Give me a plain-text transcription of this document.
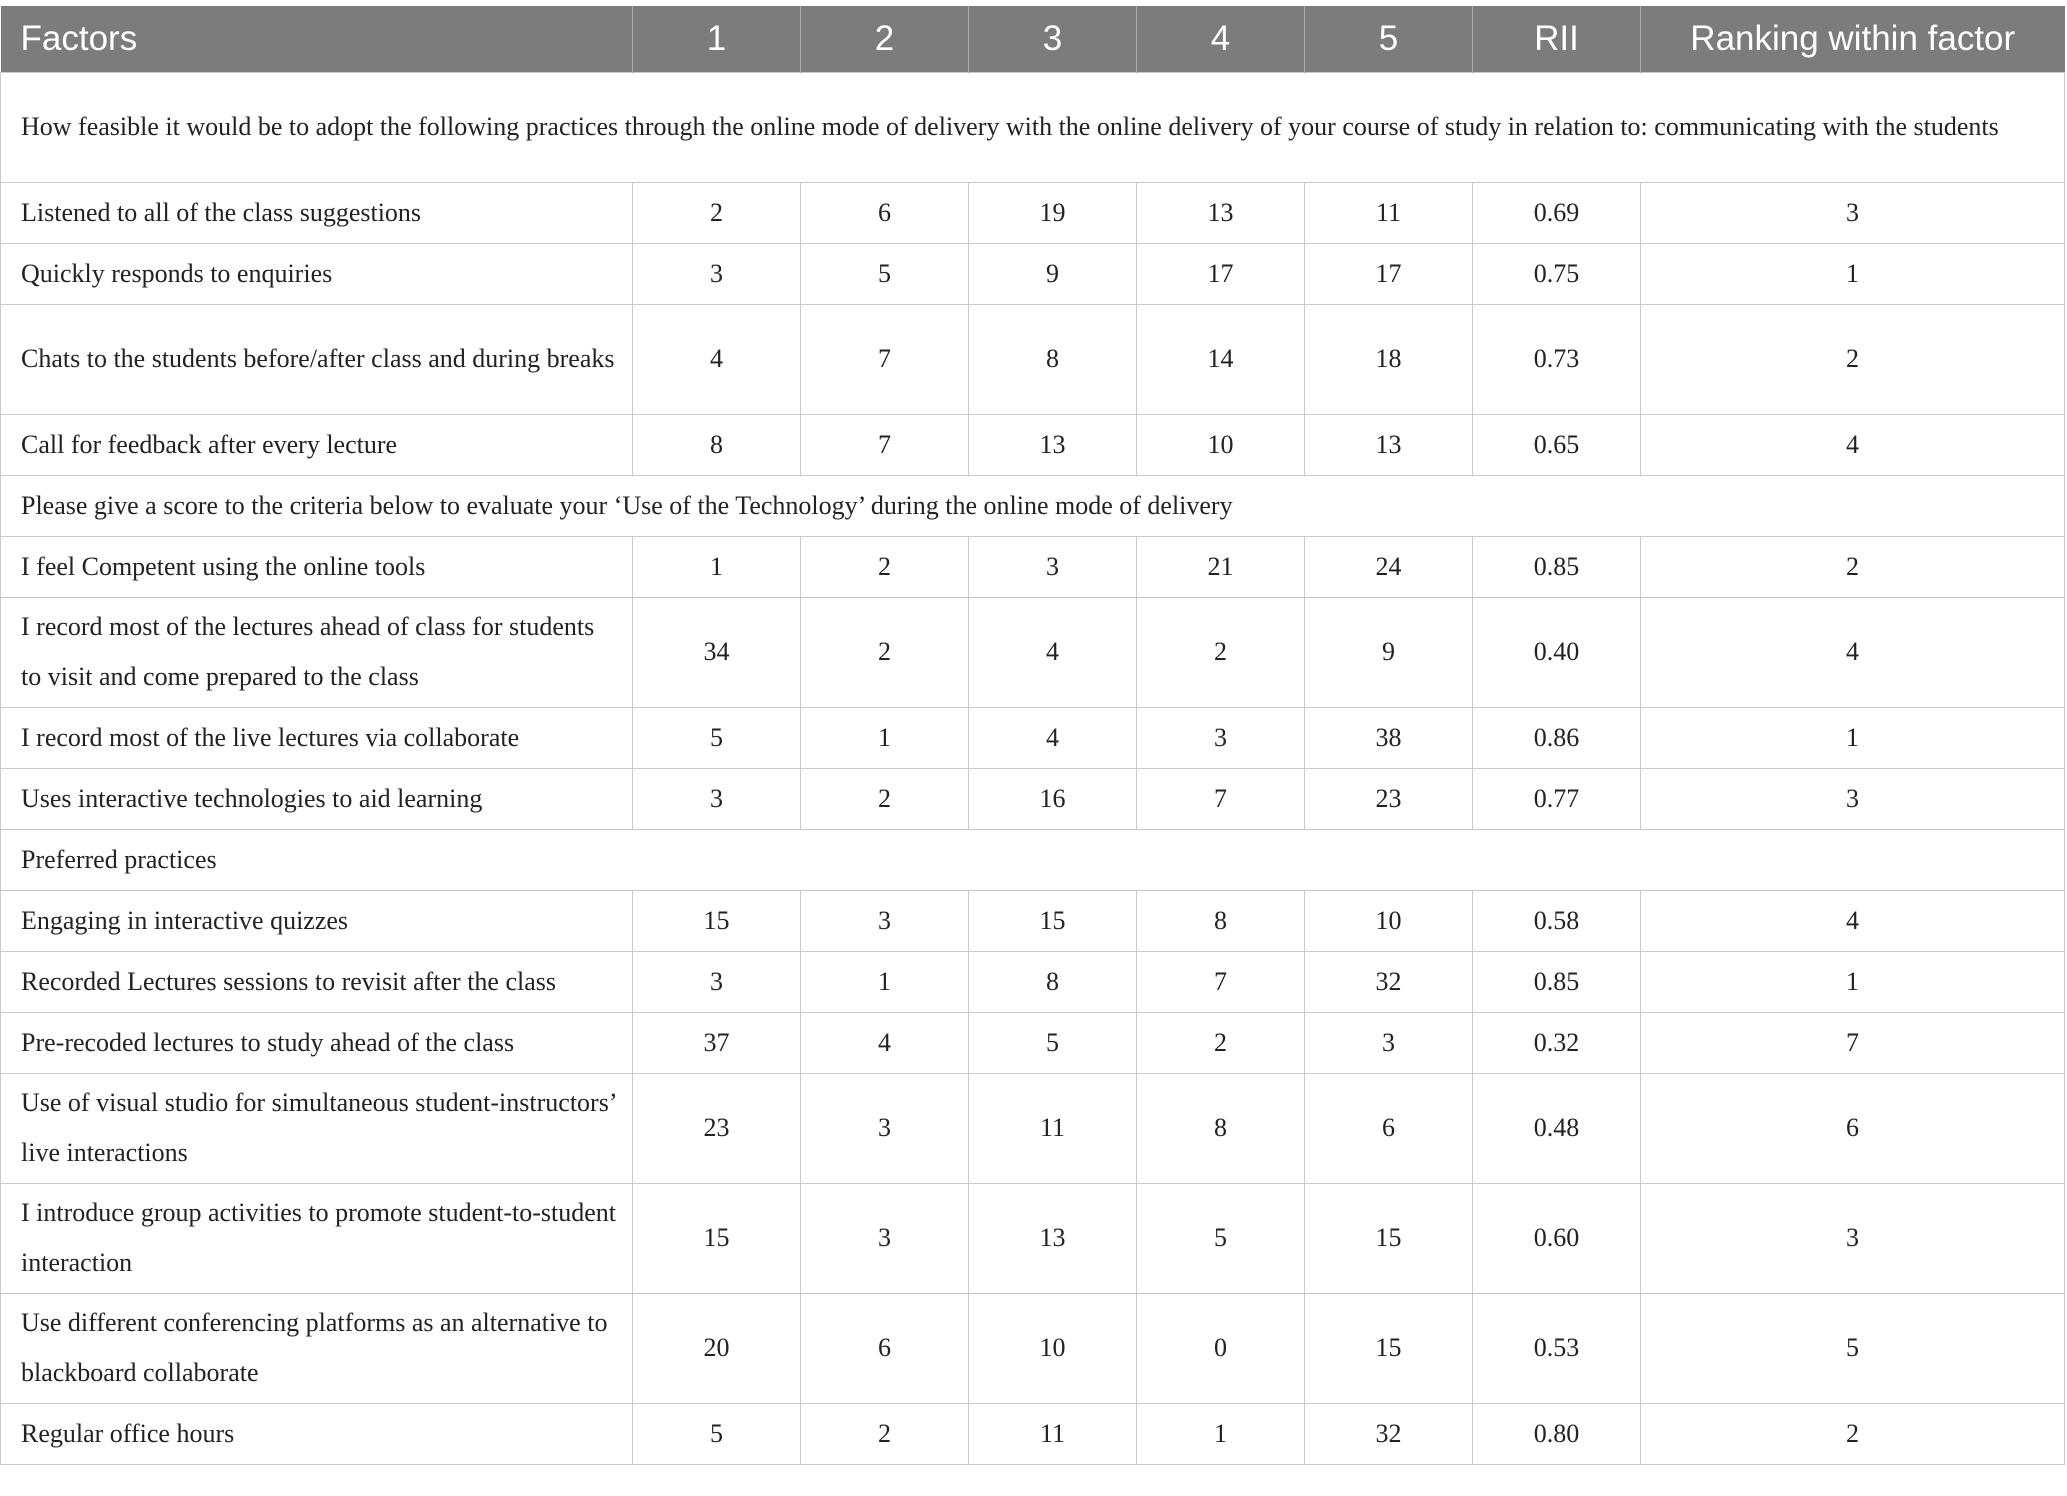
Factors	1	2	3	4	5	RII	Ranking within factor
How feasible it would be to adopt the following practices through the online mode of delivery with the online delivery of your course of study in relation to: communicating with the students							
Listened to all of the class suggestions	2	6	19	13	11	0.69	3
Quickly responds to enquiries	3	5	9	17	17	0.75	1
Chats to the students before/after class and during breaks	4	7	8	14	18	0.73	2
Call for feedback after every lecture	8	7	13	10	13	0.65	4
Please give a score to the criteria below to evaluate your ‘Use of the Technology’ during the online mode of delivery							
I feel Competent using the online tools	1	2	3	21	24	0.85	2
I record most of the lectures ahead of class for students to visit and come prepared to the class	34	2	4	2	9	0.40	4
I record most of the live lectures via collaborate	5	1	4	3	38	0.86	1
Uses interactive technologies to aid learning	3	2	16	7	23	0.77	3
Preferred practices							
Engaging in interactive quizzes	15	3	15	8	10	0.58	4
Recorded Lectures sessions to revisit after the class	3	1	8	7	32	0.85	1
Pre-recoded lectures to study ahead of the class	37	4	5	2	3	0.32	7
Use of visual studio for simultaneous student-instructors’ live interactions	23	3	11	8	6	0.48	6
I introduce group activities to promote student-to-student interaction	15	3	13	5	15	0.60	3
Use different conferencing platforms as an alternative to blackboard collaborate	20	6	10	0	15	0.53	5
Regular office hours	5	2	11	1	32	0.80	2
